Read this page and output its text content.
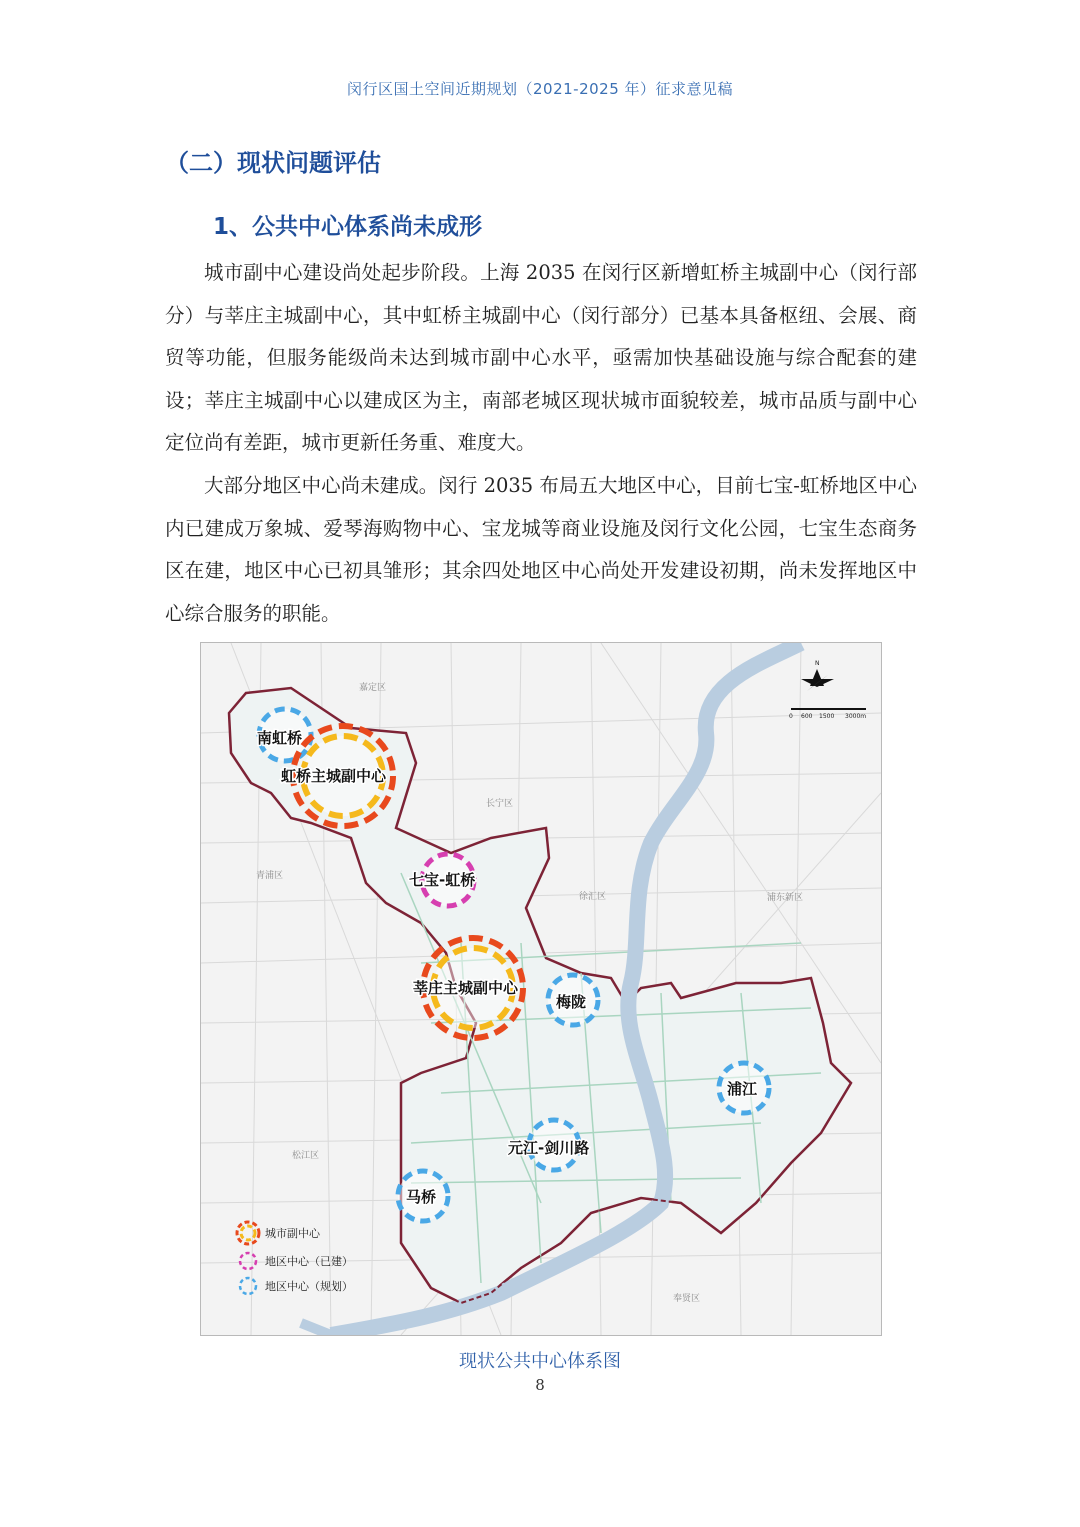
闵行区国土空间近期规划（2021-2025 年）征求意见稿
（二）现状问题评估
1、公共中心体系尚未成形

城市副中心建设尚处起步阶段。上海 2035 在闵行区新增虹桥主城副中心（闵行部分）与莘庄主城副中心，其中虹桥主城副中心（闵行部分）已基本具备枢纽、会展、商贸等功能，但服务能级尚未达到城市副中心水平，亟需加快基础设施与综合配套的建设；莘庄主城副中心以建成区为主，南部老城区现状城市面貌较差，城市品质与副中心定位尚有差距，城市更新任务重、难度大。

大部分地区中心尚未建成。闵行 2035 布局五大地区中心，目前七宝-虹桥地区中心内已建成万象城、爱琴海购物中心、宝龙城等商业设施及闵行文化公园，七宝生态商务区在建，地区中心已初具雏形；其余四处地区中心尚处开发建设初期，尚未发挥地区中心综合服务的职能。

嘉定区
长宁区
青浦区
徐汇区	浦东新区
松江区
奉贤区
N
0 600 1500 3000m
南虹桥
虹桥主城副中心
七宝-虹桥
莘庄主城副中心
梅陇
浦江
元江-剑川路
马桥
城市副中心
地区中心（已建）
地区中心（规划）
现状公共中心体系图
8
